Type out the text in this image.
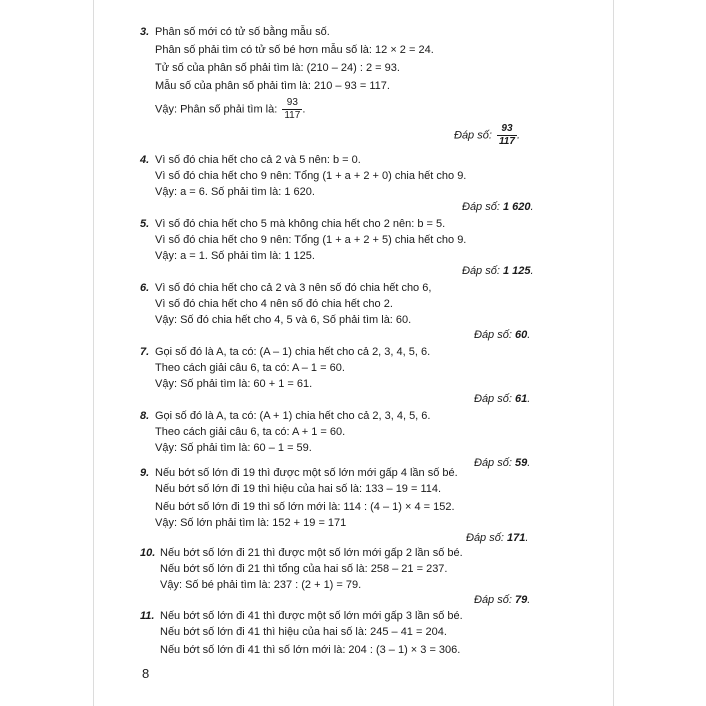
3. Phân số mới có tử số bằng mẫu số.
Phân số phải tìm có tử số bé hơn mẫu số là: 12 × 2 = 24.
Tử số của phân số phải tìm là: (210 – 24) : 2 = 93.
Mẫu số của phân số phải tìm là: 210 – 93 = 117.
Vậy: Phân số phải tìm là: $\frac{93}{117}$ .
Đáp số: $\frac{93}{117}$ .
4. Vì số đó chia hết cho cả 2 và 5 nên: b = 0.
Vì số đó chia hết cho 9 nên: Tổng (1 + a + 2 + 0) chia hết cho 9.
Vậy: a = 6. Số phải tìm là: 1 620.
Đáp số: 1 620.
5. Vì số đó chia hết cho 5 mà không chia hết cho 2 nên: b = 5.
Vì số đó chia hết cho 9 nên: Tổng (1 + a + 2 + 5) chia hết cho 9.
Vậy: a = 1. Số phải tìm là: 1 125.
Đáp số: 1 125.
6. Vì số đó chia hết cho cả 2 và 3 nên số đó chia hết cho 6,
Vì số đó chia hết cho 4 nên số đó chia hết cho 2.
Vậy: Số đó chia hết cho 4, 5 và 6, Số phải tìm là: 60.
Đáp số: 60.
7. Gọi số đó là A, ta có: (A – 1) chia hết cho cả 2, 3, 4, 5, 6.
Theo cách giải câu 6, ta có: A – 1 = 60.
Vậy: Số phải tìm là: 60 + 1 = 61.
Đáp số: 61.
8. Gọi số đó là A, ta có: (A + 1) chia hết cho cả 2, 3, 4, 5, 6.
Theo cách giải câu 6, ta có: A + 1 = 60.
Vậy: Số phải tìm là: 60 – 1 = 59.
Đáp số: 59.
9. Nếu bớt số lớn đi 19 thì được một số lớn mới gấp 4 lần số bé.
Nếu bớt số lớn đi 19 thì hiệu của hai số là: 133 – 19 = 114.
Nếu bớt số lớn đi 19 thì số lớn mới là: 114 : (4 – 1) × 4 = 152.
Vậy: Số lớn phải tìm là: 152 + 19 = 171
Đáp số: 171.
10. Nếu bớt số lớn đi 21 thì được một số lớn mới gấp 2 lần số bé.
Nếu bớt số lớn đi 21 thì tổng của hai số là: 258 – 21 = 237.
Vậy: Số bé phải tìm là: 237 : (2 + 1) = 79.
Đáp số: 79.
11. Nếu bớt số lớn đi 41 thì được một số lớn mới gấp 3 lần số bé.
Nếu bớt số lớn đi 41 thì hiệu của hai số là: 245 – 41 = 204.
Nếu bớt số lớn đi 41 thì số lớn mới là: 204 : (3 – 1) × 3 = 306.
8
